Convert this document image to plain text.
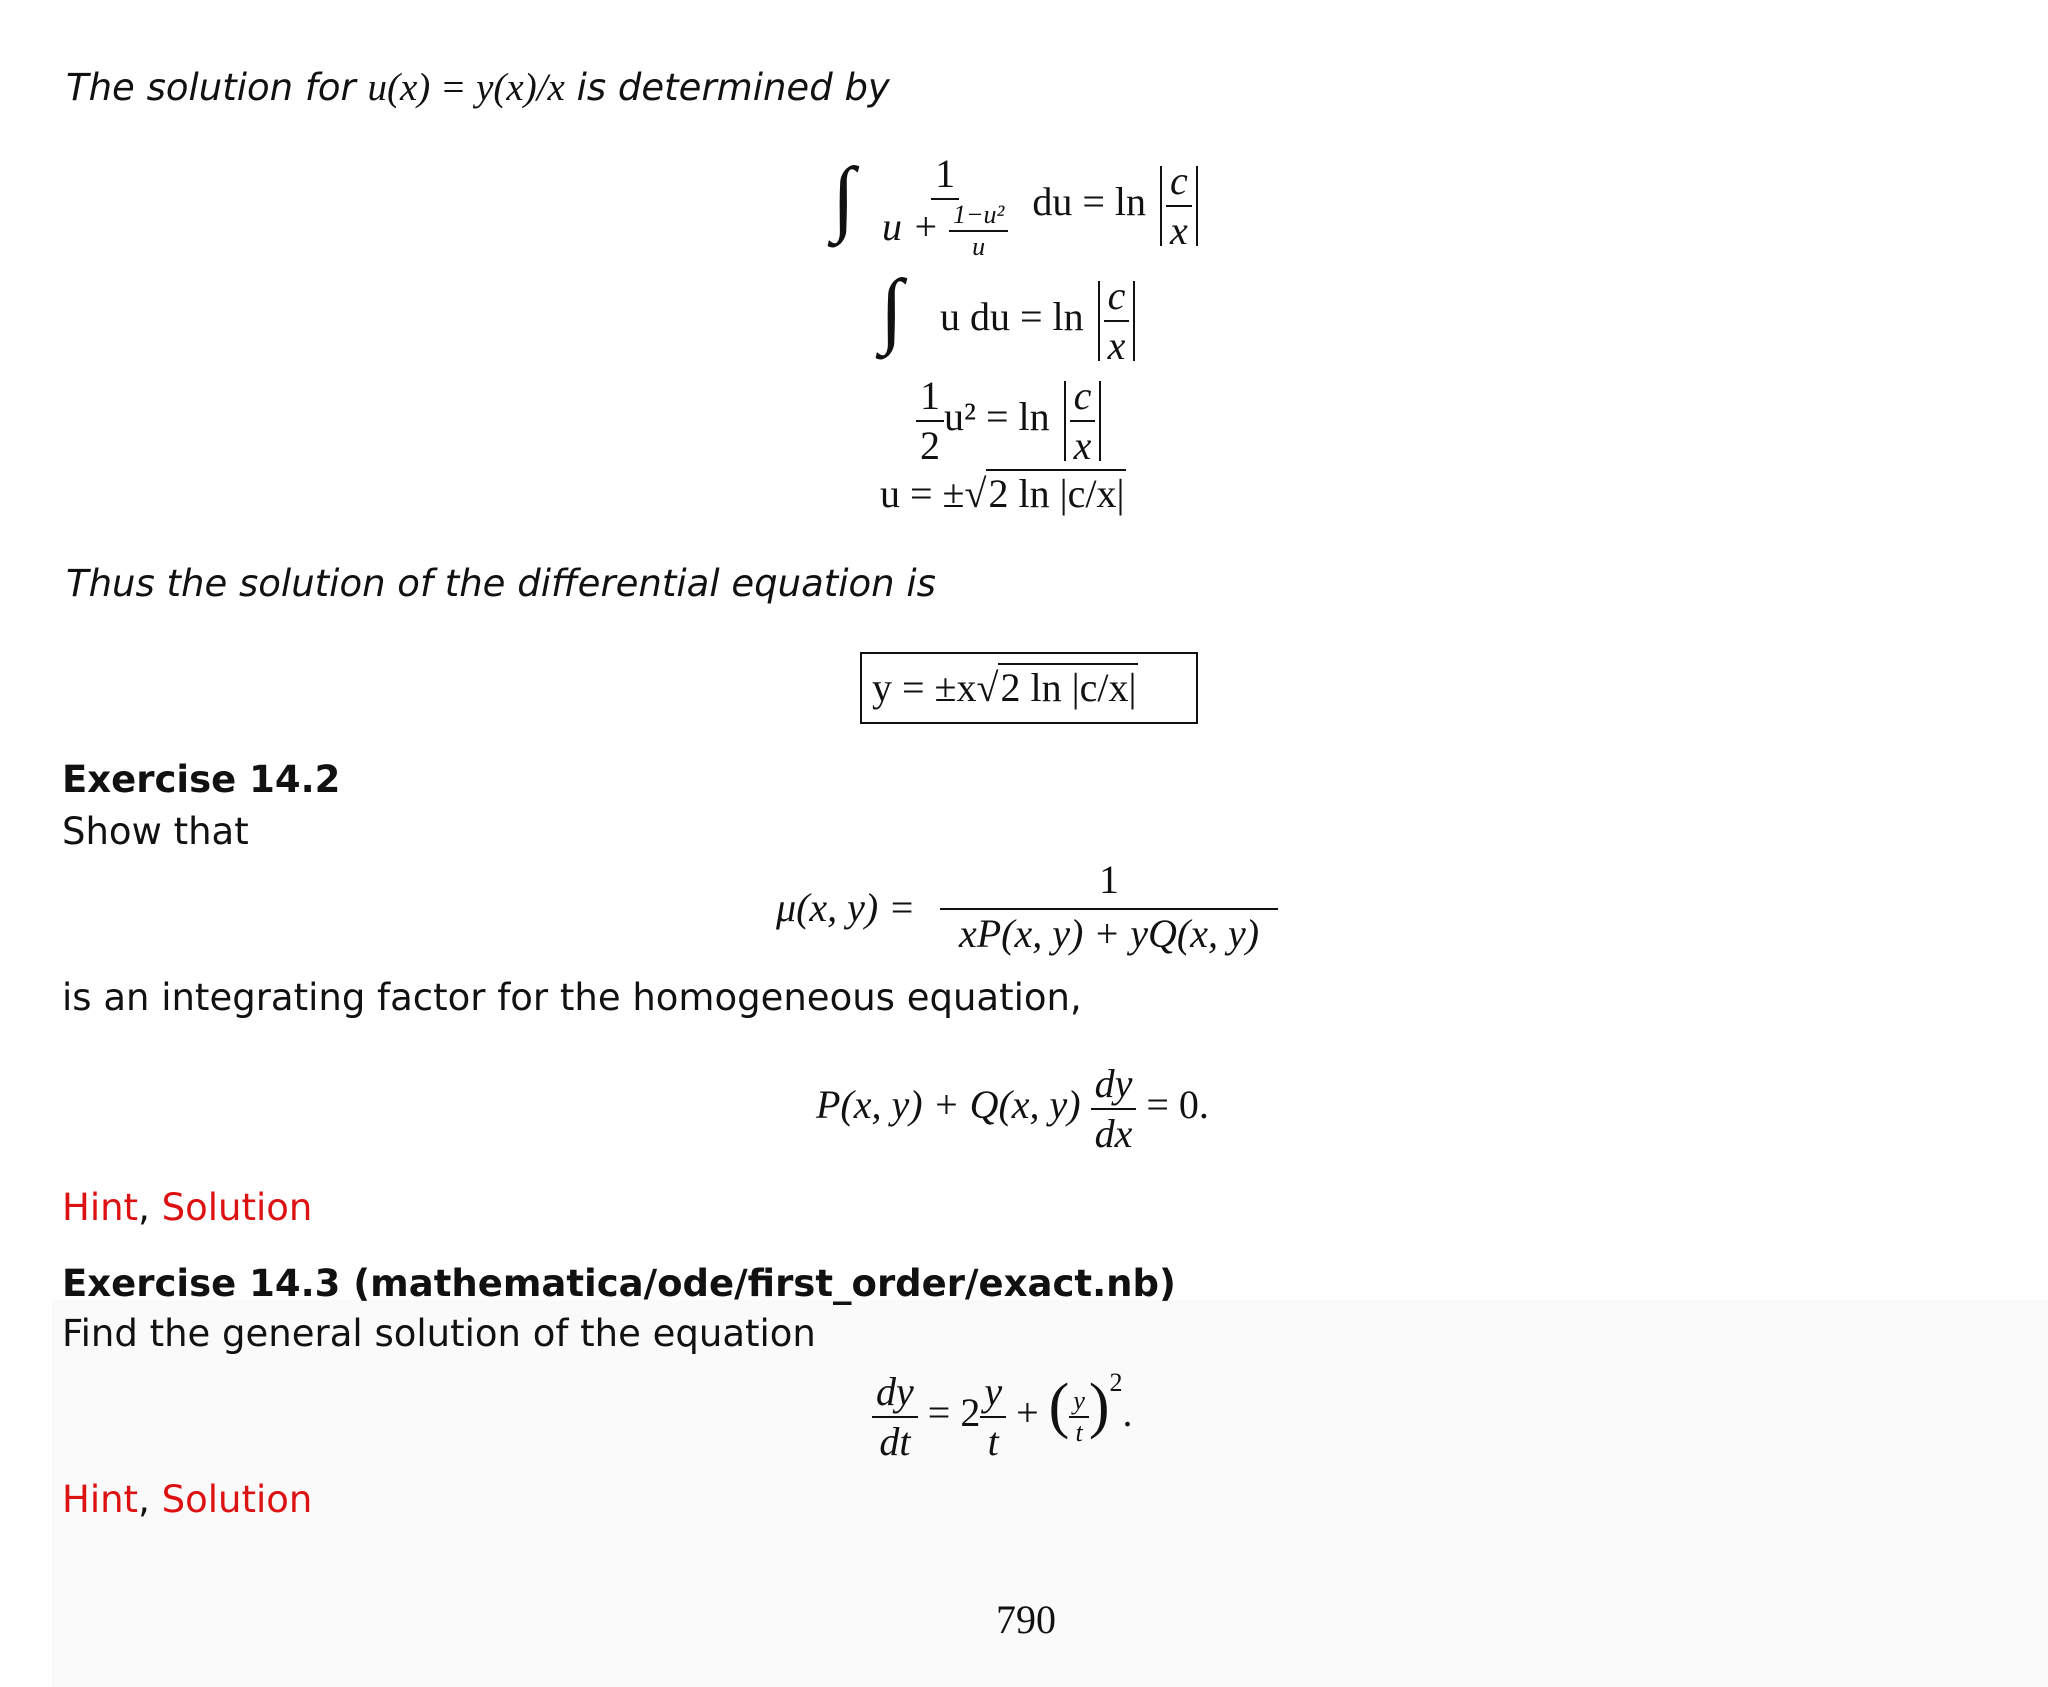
The solution for u(x) = y(x)/x is determined by
∫ $\frac{1}{u + \frac{\text{1−u²}}{u}}$ du = $\ln \frac{c}{x}$
∫ u du = $\ln \frac{c}{x}$
$\frac{1}{2} u^2 = \ln \frac{c}{x}$
u = ±√2 ln |c/x|
Thus the solution of the differential equation is
y = ±x√2 ln |c/x|
Exercise 14.2
Show that
μ(x, $y) = \frac{1}{xP(x, y) + yQ(x, y)}$
is an integrating factor for the homogeneous equation,
P(x, y) + Q(x, $y) \frac{dy}{dx} = 0$.
Hint, Solution
Exercise 14.3 (mathematica/ode/first_order/exact.nb)
Find the general solution of the equation
$\frac{dy}{dt} = 2 \frac{y}{t}$ + ( $\frac{y}{t} )^2$.
Hint, Solution
790
